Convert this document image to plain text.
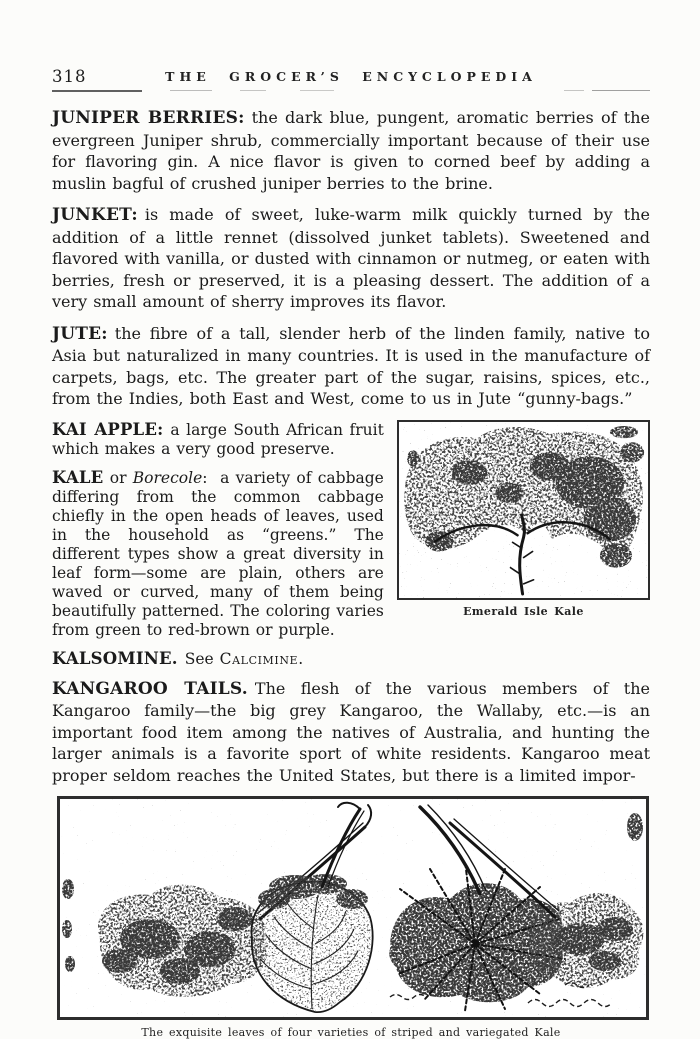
318	THE GROCER’S ENCYCLOPEDIA

JUNIPER BERRIES: the dark blue, pungent, aromatic berries of the evergreen Juniper shrub, commercially important because of their use for flavoring gin. A nice flavor is given to corned beef by adding a muslin bagful of crushed juniper berries to the brine.

JUNKET: is made of sweet, luke-warm milk quickly turned by the addition of a little rennet (dissolved junket tablets). Sweetened and flavored with vanilla, or dusted with cinnamon or nutmeg, or eaten with berries, fresh or preserved, it is a pleasing dessert. The addition of a very small amount of sherry improves its flavor.

JUTE: the fibre of a tall, slender herb of the linden family, native to Asia but naturalized in many countries. It is used in the manufacture of carpets, bags, etc. The greater part of the sugar, raisins, spices, etc., from the Indies, both East and West, come to us in Jute “gunny-bags.”

KAI APPLE: a large South African fruit which makes a very good preserve.

KALE or Borecole: a variety of cabbage differing from the common cabbage chiefly in the open heads of leaves, used in the household as “greens.” The different types show a great diversity in leaf form—some are plain, others are waved or curved, many of them being beautifully patterned. The coloring varies from green to red-brown or purple.

KALSOMINE. See Calcimine.

Emerald Isle Kale

KANGAROO TAILS. The flesh of the various members of the Kangaroo family—the big grey Kangaroo, the Wallaby, etc.—is an important food item among the natives of Australia, and hunting the larger animals is a favorite sport of white residents. Kangaroo meat proper seldom reaches the United States, but there is a limited impor-

The exquisite leaves of four varieties of striped and variegated Kale
